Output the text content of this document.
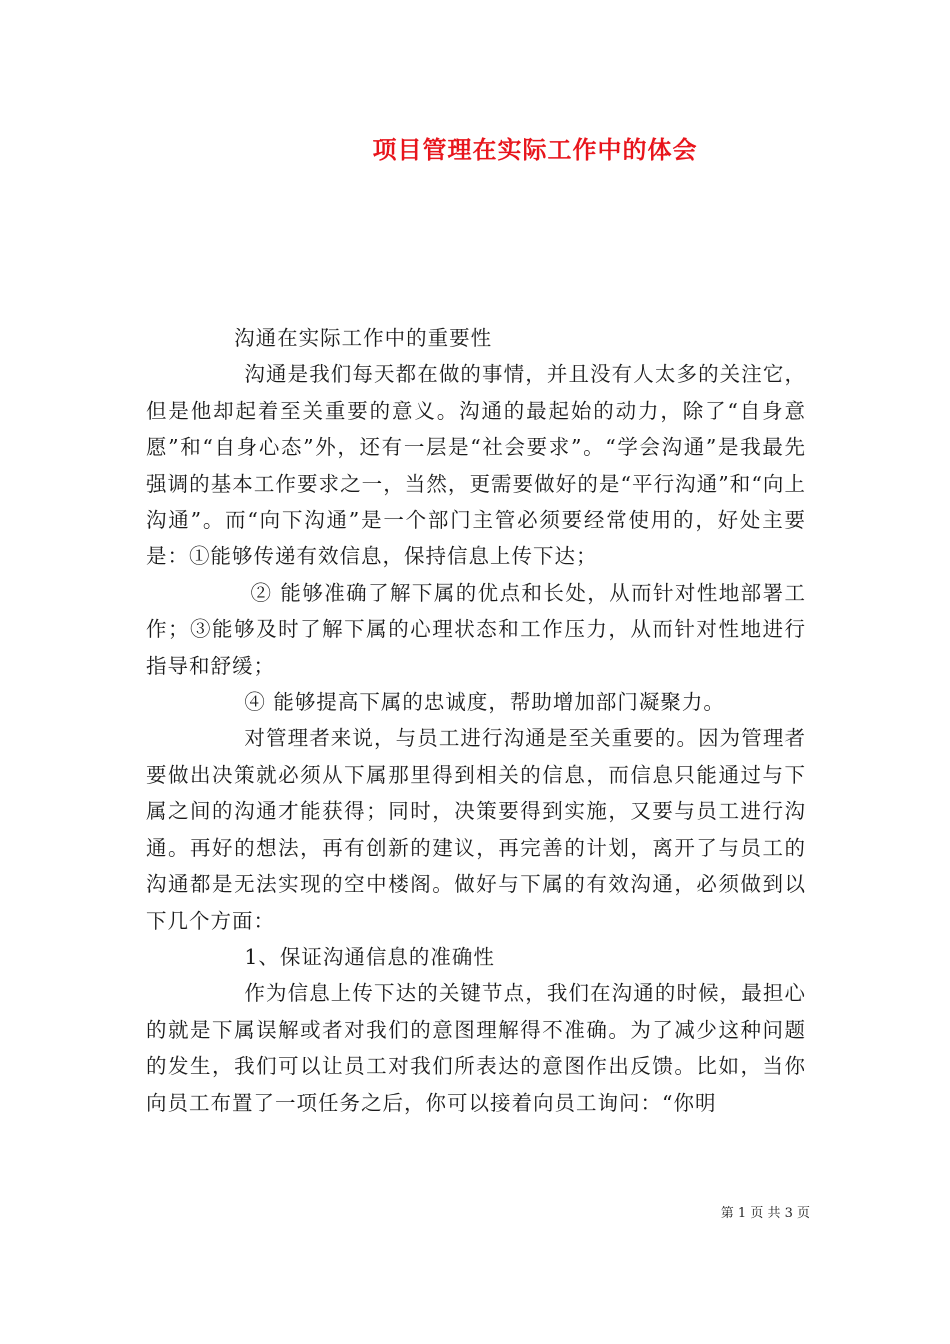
项目管理在实际工作中的体会

沟通在实际工作中的重要性

沟通是我们每天都在做的事情，并且没有人太多的关注它，但是他却起着至关重要的意义。沟通的最起始的动力，除了“自身意愿”和“自身心态”外，还有一层是“社会要求”。“学会沟通”是我最先强调的基本工作要求之一，当然，更需要做好的是“平行沟通”和“向上沟通”。而“向下沟通”是一个部门主管必须要经常使用的，好处主要是：①能够传递有效信息，保持信息上传下达；

② 能够准确了解下属的优点和长处，从而针对性地部署工作；③能够及时了解下属的心理状态和工作压力，从而针对性地进行指导和舒缓；

④ 能够提高下属的忠诚度，帮助增加部门凝聚力。

对管理者来说，与员工进行沟通是至关重要的。因为管理者要做出决策就必须从下属那里得到相关的信息，而信息只能通过与下属之间的沟通才能获得；同时，决策要得到实施，又要与员工进行沟通。再好的想法，再有创新的建议，再完善的计划，离开了与员工的沟通都是无法实现的空中楼阁。做好与下属的有效沟通，必须做到以下几个方面：

1、保证沟通信息的准确性

作为信息上传下达的关键节点，我们在沟通的时候，最担心的就是下属误解或者对我们的意图理解得不准确。为了减少这种问题的发生，我们可以让员工对我们所表达的意图作出反馈。比如，当你向员工布置了一项任务之后，你可以接着向员工询问：“你明

第 1 页 共 3 页
